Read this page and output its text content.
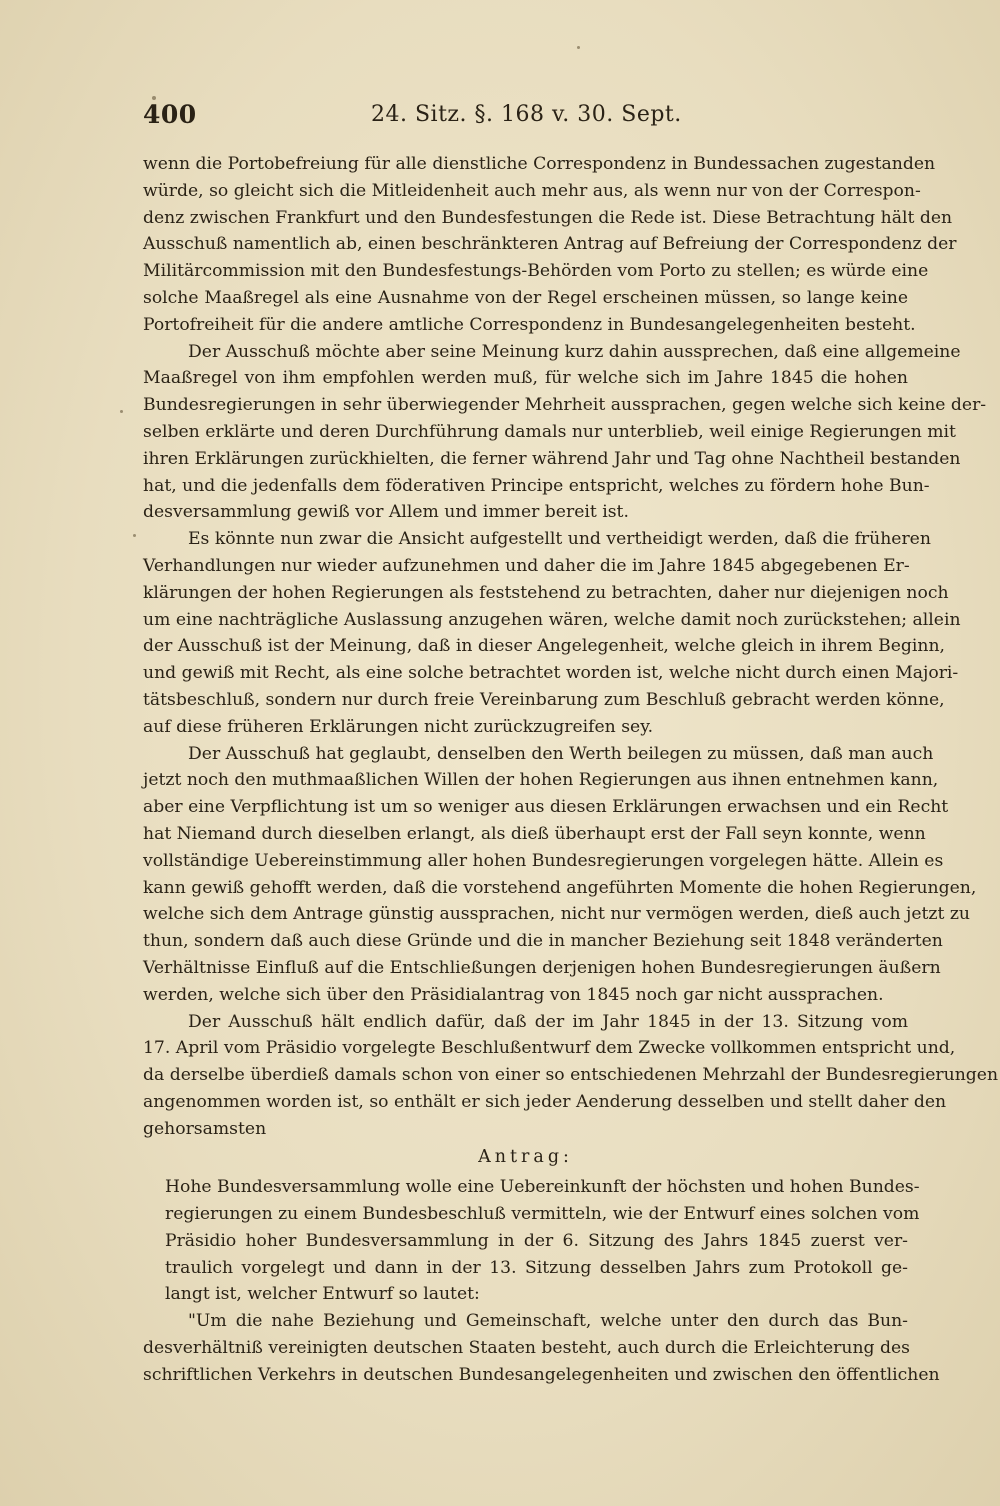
400	24. Sitz. §. 168 v. 30. Sept.
wenn die Portobefreiung für alle dienstliche Correspondenz in Bundessachen zugestanden
würde, so gleicht sich die Mitleidenheit auch mehr aus, als wenn nur von der Correspon-
denz zwischen Frankfurt und den Bundesfestungen die Rede ist. Diese Betrachtung hält den
Ausschuß namentlich ab, einen beschränkteren Antrag auf Befreiung der Correspondenz der
Militärcommission mit den Bundesfestungs-Behörden vom Porto zu stellen; es würde eine
solche Maaßregel als eine Ausnahme von der Regel erscheinen müssen, so lange keine
Portofreiheit für die andere amtliche Correspondenz in Bundesangelegenheiten besteht.
Der Ausschuß möchte aber seine Meinung kurz dahin aussprechen, daß eine allgemeine
Maaßregel von ihm empfohlen werden muß, für welche sich im Jahre 1845 die hohen
Bundesregierungen in sehr überwiegender Mehrheit aussprachen, gegen welche sich keine der-
selben erklärte und deren Durchführung damals nur unterblieb, weil einige Regierungen mit
ihren Erklärungen zurückhielten, die ferner während Jahr und Tag ohne Nachtheil bestanden
hat, und die jedenfalls dem föderativen Principe entspricht, welches zu fördern hohe Bun-
desversammlung gewiß vor Allem und immer bereit ist.
Es könnte nun zwar die Ansicht aufgestellt und vertheidigt werden, daß die früheren
Verhandlungen nur wieder aufzunehmen und daher die im Jahre 1845 abgegebenen Er-
klärungen der hohen Regierungen als feststehend zu betrachten, daher nur diejenigen noch
um eine nachträgliche Auslassung anzugehen wären, welche damit noch zurückstehen; allein
der Ausschuß ist der Meinung, daß in dieser Angelegenheit, welche gleich in ihrem Beginn,
und gewiß mit Recht, als eine solche betrachtet worden ist, welche nicht durch einen Majori-
tätsbeschluß, sondern nur durch freie Vereinbarung zum Beschluß gebracht werden könne,
auf diese früheren Erklärungen nicht zurückzugreifen sey.
Der Ausschuß hat geglaubt, denselben den Werth beilegen zu müssen, daß man auch
jetzt noch den muthmaaßlichen Willen der hohen Regierungen aus ihnen entnehmen kann,
aber eine Verpflichtung ist um so weniger aus diesen Erklärungen erwachsen und ein Recht
hat Niemand durch dieselben erlangt, als dieß überhaupt erst der Fall seyn konnte, wenn
vollständige Uebereinstimmung aller hohen Bundesregierungen vorgelegen hätte. Allein es
kann gewiß gehofft werden, daß die vorstehend angeführten Momente die hohen Regierungen,
welche sich dem Antrage günstig aussprachen, nicht nur vermögen werden, dieß auch jetzt zu
thun, sondern daß auch diese Gründe und die in mancher Beziehung seit 1848 veränderten
Verhältnisse Einfluß auf die Entschließungen derjenigen hohen Bundesregierungen äußern
werden, welche sich über den Präsidialantrag von 1845 noch gar nicht aussprachen.
Der Ausschuß hält endlich dafür, daß der im Jahr 1845 in der 13. Sitzung vom
17. April vom Präsidio vorgelegte Beschlußentwurf dem Zwecke vollkommen entspricht und,
da derselbe überdieß damals schon von einer so entschiedenen Mehrzahl der Bundesregierungen
angenommen worden ist, so enthält er sich jeder Aenderung desselben und stellt daher den
gehorsamsten
Antrag:
Hohe Bundesversammlung wolle eine Uebereinkunft der höchsten und hohen Bundes-
regierungen zu einem Bundesbeschluß vermitteln, wie der Entwurf eines solchen vom
Präsidio hoher Bundesversammlung in der 6. Sitzung des Jahrs 1845 zuerst ver-
traulich vorgelegt und dann in der 13. Sitzung desselben Jahrs zum Protokoll ge-
langt ist, welcher Entwurf so lautet:
"Um die nahe Beziehung und Gemeinschaft, welche unter den durch das Bun-
desverhältniß vereinigten deutschen Staaten besteht, auch durch die Erleichterung des
schriftlichen Verkehrs in deutschen Bundesangelegenheiten und zwischen den öffentlichen
